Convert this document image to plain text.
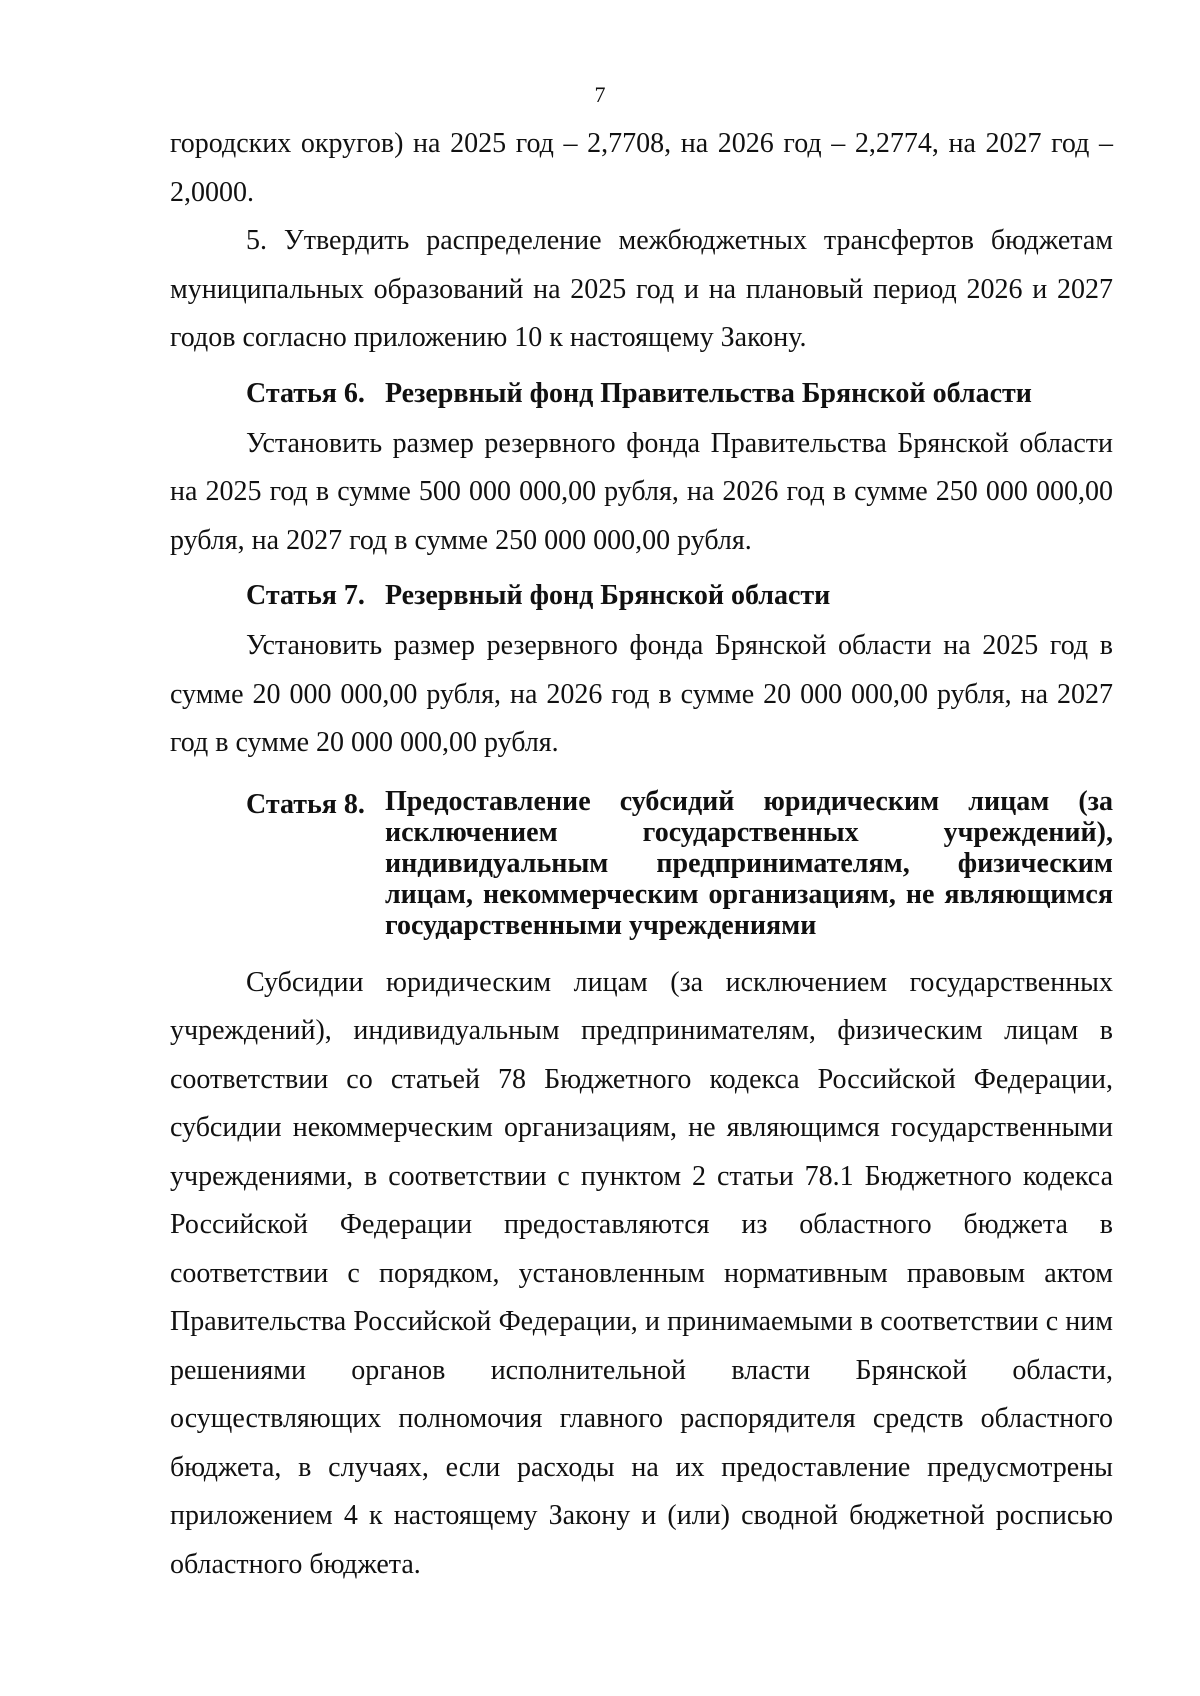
7

городских округов) на 2025 год – 2,7708, на 2026 год – 2,2774, на 2027 год – 2,0000.

5. Утвердить распределение межбюджетных трансфертов бюджетам муниципальных образований на 2025 год и на плановый период 2026 и 2027 годов согласно приложению 10 к настоящему Закону.

Статья 6. Резервный фонд Правительства Брянской области

Установить размер резервного фонда Правительства Брянской области на 2025 год в сумме 500 000 000,00 рубля, на 2026 год в сумме 250 000 000,00 рубля, на 2027 год в сумме 250 000 000,00 рубля.

Статья 7. Резервный фонд Брянской области

Установить размер резервного фонда Брянской области на 2025 год в сумме 20 000 000,00 рубля, на 2026 год в сумме 20 000 000,00 рубля, на 2027 год в сумме 20 000 000,00 рубля.

Статья 8. Предоставление субсидий юридическим лицам (за исключением государственных учреждений), индивидуальным предпринимателям, физическим лицам, некоммерческим организациям, не являющимся государственными учреждениями

Субсидии юридическим лицам (за исключением государственных учреждений), индивидуальным предпринимателям, физическим лицам в соответствии со статьей 78 Бюджетного кодекса Российской Федерации, субсидии некоммерческим организациям, не являющимся государственными учреждениями, в соответствии с пунктом 2 статьи 78.1 Бюджетного кодекса Российской Федерации предоставляются из областного бюджета в соответствии с порядком, установленным нормативным правовым актом Правительства Российской Федерации, и принимаемыми в соответствии с ним решениями органов исполнительной власти Брянской области, осуществляющих полномочия главного распорядителя средств областного бюджета, в случаях, если расходы на их предоставление предусмотрены приложением 4 к настоящему Закону и (или) сводной бюджетной росписью областного бюджета.
